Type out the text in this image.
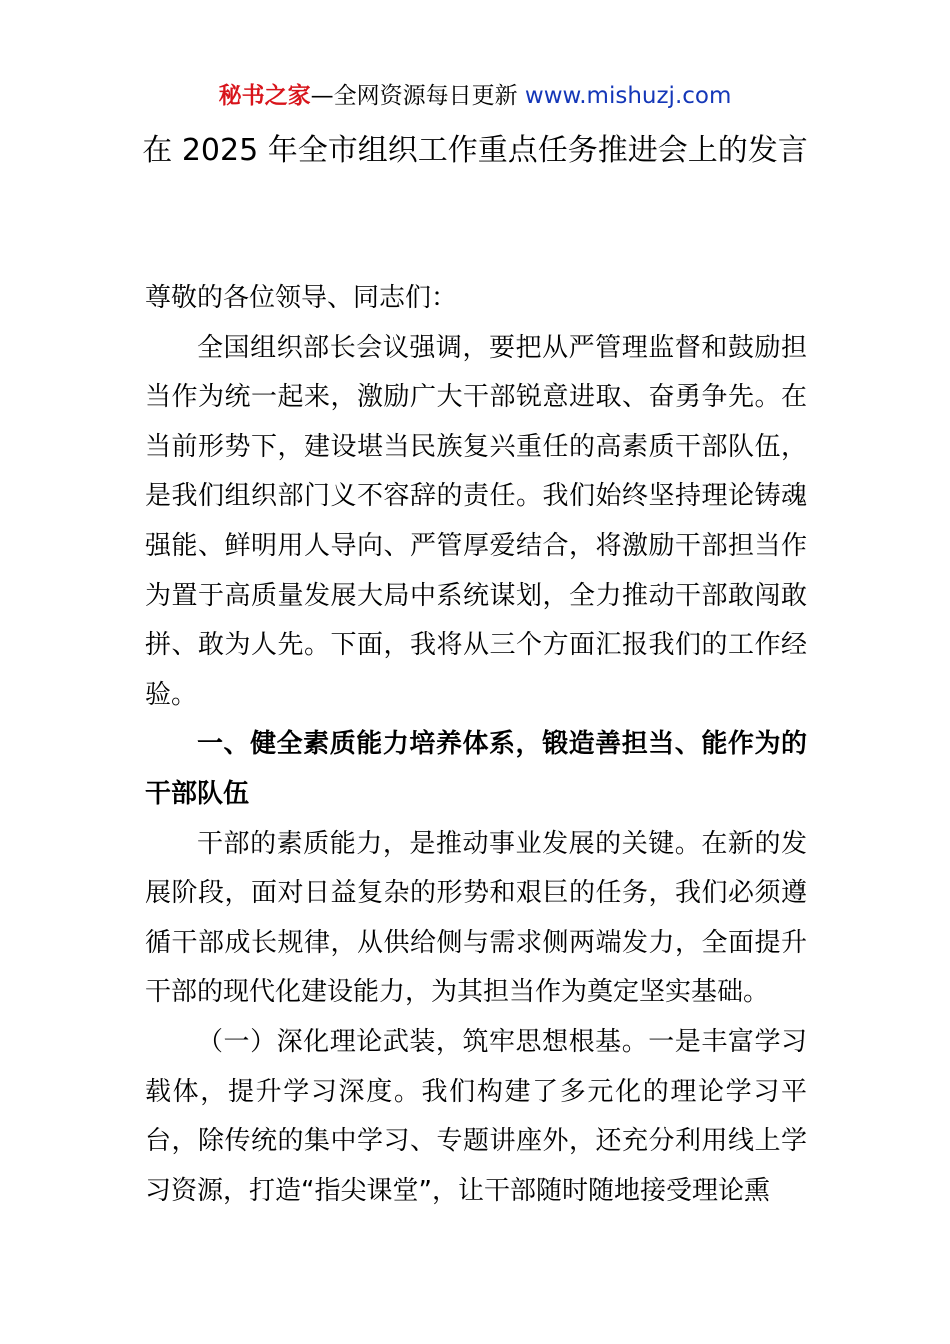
秘书之家—全网资源每日更新 www.mishuzj.com
在 2025 年全市组织工作重点任务推进会上的发言

尊敬的各位领导、同志们：

全国组织部长会议强调，要把从严管理监督和鼓励担当作为统一起来，激励广大干部锐意进取、奋勇争先。在当前形势下，建设堪当民族复兴重任的高素质干部队伍，是我们组织部门义不容辞的责任。我们始终坚持理论铸魂强能、鲜明用人导向、严管厚爱结合，将激励干部担当作为置于高质量发展大局中系统谋划，全力推动干部敢闯敢拼、敢为人先。下面，我将从三个方面汇报我们的工作经验。

一、健全素质能力培养体系，锻造善担当、能作为的干部队伍

干部的素质能力，是推动事业发展的关键。在新的发展阶段，面对日益复杂的形势和艰巨的任务，我们必须遵循干部成长规律，从供给侧与需求侧两端发力，全面提升干部的现代化建设能力，为其担当作为奠定坚实基础。

（一）深化理论武装，筑牢思想根基。一是丰富学习载体，提升学习深度。我们构建了多元化的理论学习平台，除传统的集中学习、专题讲座外，还充分利用线上学习资源，打造“指尖课堂”，让干部随时随地接受理论熏
